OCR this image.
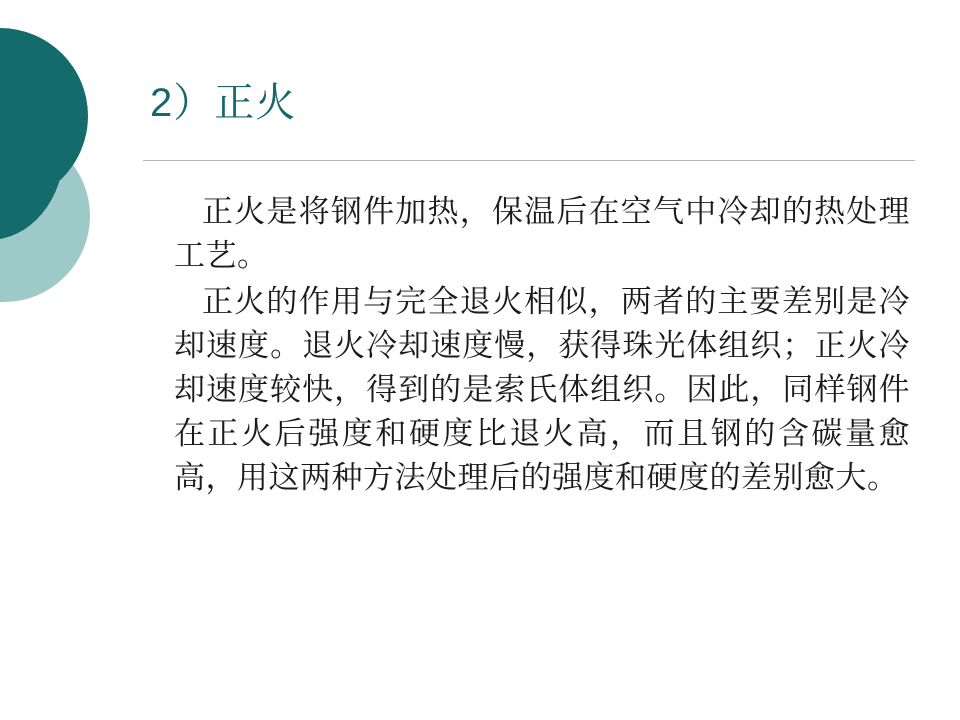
2）正火

正火是将钢件加热，保温后在空气中冷却的热处理工艺。

正火的作用与完全退火相似，两者的主要差别是冷却速度。退火冷却速度慢，获得珠光体组织；正火冷却速度较快，得到的是索氏体组织。因此，同样钢件在正火后强度和硬度比退火高，而且钢的含碳量愈高，用这两种方法处理后的强度和硬度的差别愈大。
